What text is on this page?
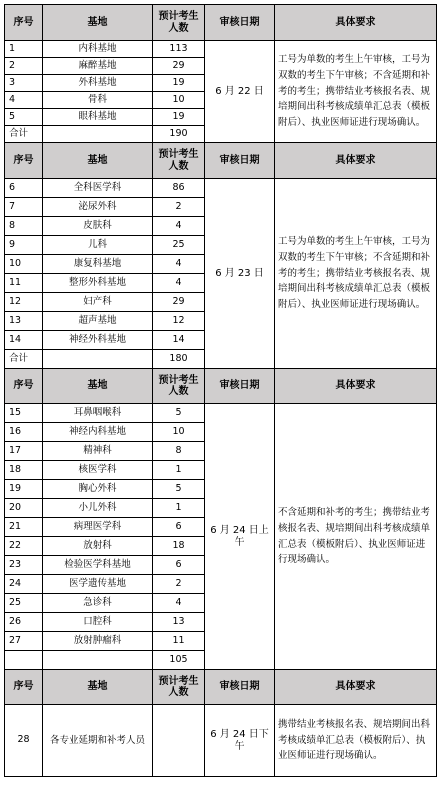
序号	基地	预计考生人数	审核日期	具体要求
1	内科基地	113	6 月 22 日	工号为单数的考生上午审核，工号为双数的考生下午审核；不含延期和补考的考生；携带结业考核报名表、规培期间出科考核成绩单汇总表（模板附后）、执业医师证进行现场确认。
2	麻醉基地	29		
3	外科基地	19		
4	骨科	10		
5	眼科基地	19		
合计		190		
序号	基地	预计考生人数	审核日期	具体要求
6	全科医学科	86	6 月 23 日	工号为单数的考生上午审核，工号为双数的考生下午审核；不含延期和补考的考生；携带结业考核报名表、规培期间出科考核成绩单汇总表（模板附后）、执业医师证进行现场确认。
7	泌尿外科	2		
8	皮肤科	4		
9	儿科	25		
10	康复科基地	4		
11	整形外科基地	4		
12	妇产科	29		
13	超声基地	12		
14	神经外科基地	14		
合计		180		
序号	基地	预计考生人数	审核日期	具体要求
15	耳鼻咽喉科	5	6 月 24 日上午	不含延期和补考的考生；携带结业考核报名表、规培期间出科考核成绩单汇总表（模板附后）、执业医师证进行现场确认。
16	神经内科基地	10		
17	精神科	8		
18	核医学科	1		
19	胸心外科	5		
20	小儿外科	1		
21	病理医学科	6		
22	放射科	18		
23	检验医学科基地	6		
24	医学遗传基地	2		
25	急诊科	4		
26	口腔科	13		
27	放射肿瘤科	11		
		105		
序号	基地	预计考生人数	审核日期	具体要求
28	各专业延期和补考人员		6 月 24 日下午	携带结业考核报名表、规培期间出科考核成绩单汇总表（模板附后）、执业医师证进行现场确认。
